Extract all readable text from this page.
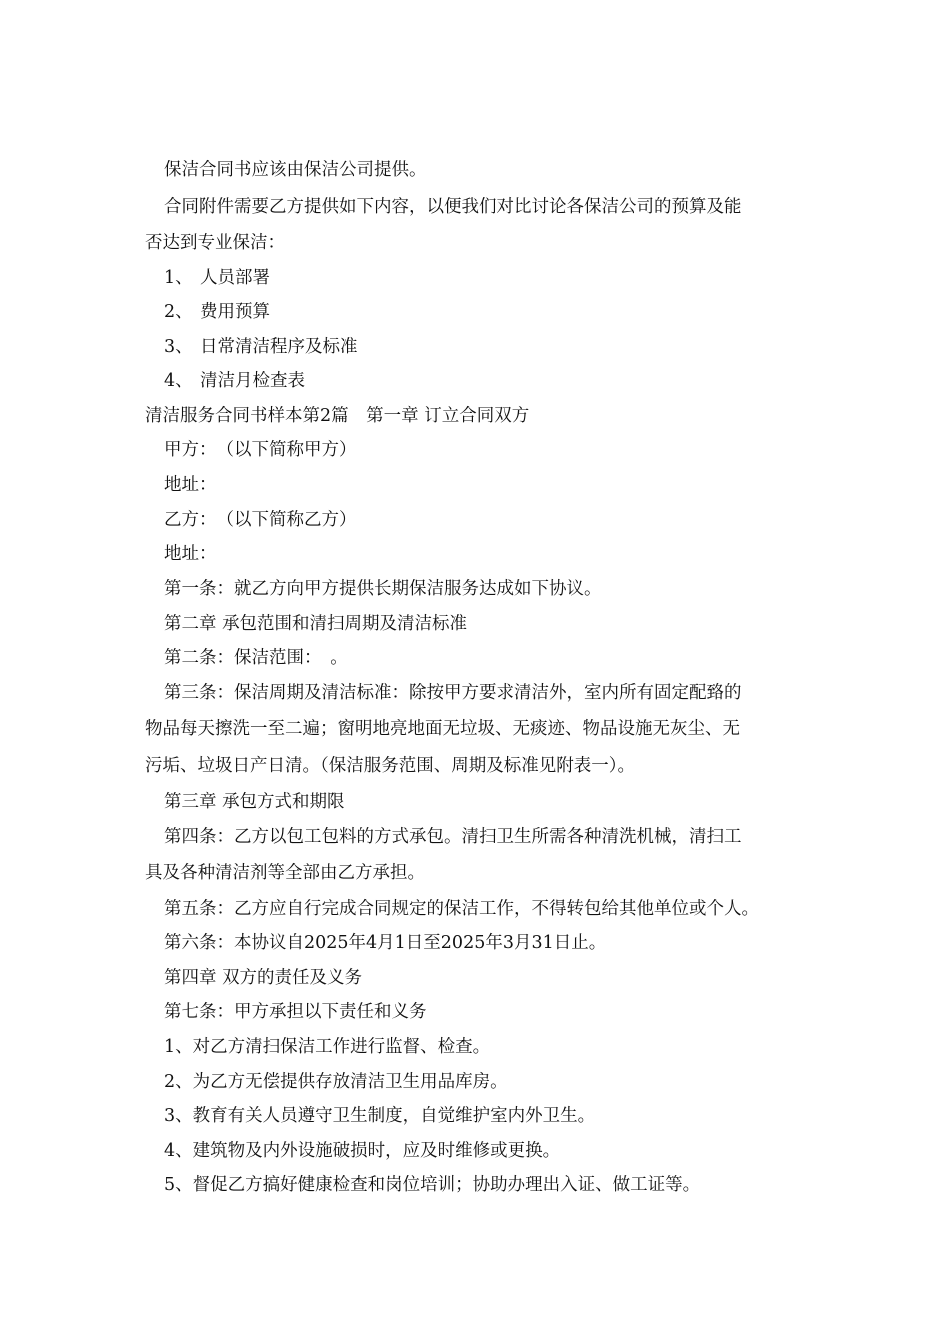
保洁合同书应该由保洁公司提供。
合同附件需要乙方提供如下内容，以便我们对比讨论各保洁公司的预算及能
否达到专业保洁：
1、 人员部署
2、 费用预算
3、 日常清洁程序及标准
4、 清洁月检查表
清洁服务合同书样本第2篇　第一章 订立合同双方
甲方：　（以下简称甲方）
地址：
乙方：　（以下简称乙方）
地址：
第一条：就乙方向甲方提供长期保洁服务达成如下协议。
第二章 承包范围和清扫周期及清洁标准
第二条：保洁范围：　。
第三条：保洁周期及清洁标准：除按甲方要求清洁外，室内所有固定配臵的
物品每天擦洗一至二遍；窗明地亮地面无垃圾、无痰迹、物品设施无灰尘、无
污垢、垃圾日产日清。（保洁服务范围、周期及标准见附表一）。
第三章 承包方式和期限
第四条：乙方以包工包料的方式承包。清扫卫生所需各种清洗机械，清扫工
具及各种清洁剂等全部由乙方承担。
第五条：乙方应自行完成合同规定的保洁工作，不得转包给其他单位或个人。
第六条：本协议自2025年4月1日至2025年3月31日止。
第四章 双方的责任及义务
第七条：甲方承担以下责任和义务
1、对乙方清扫保洁工作进行监督、检查。
2、为乙方无偿提供存放清洁卫生用品库房。
3、教育有关人员遵守卫生制度，自觉维护室内外卫生。
4、建筑物及内外设施破损时，应及时维修或更换。
5、督促乙方搞好健康检查和岗位培训；协助办理出入证、做工证等。
